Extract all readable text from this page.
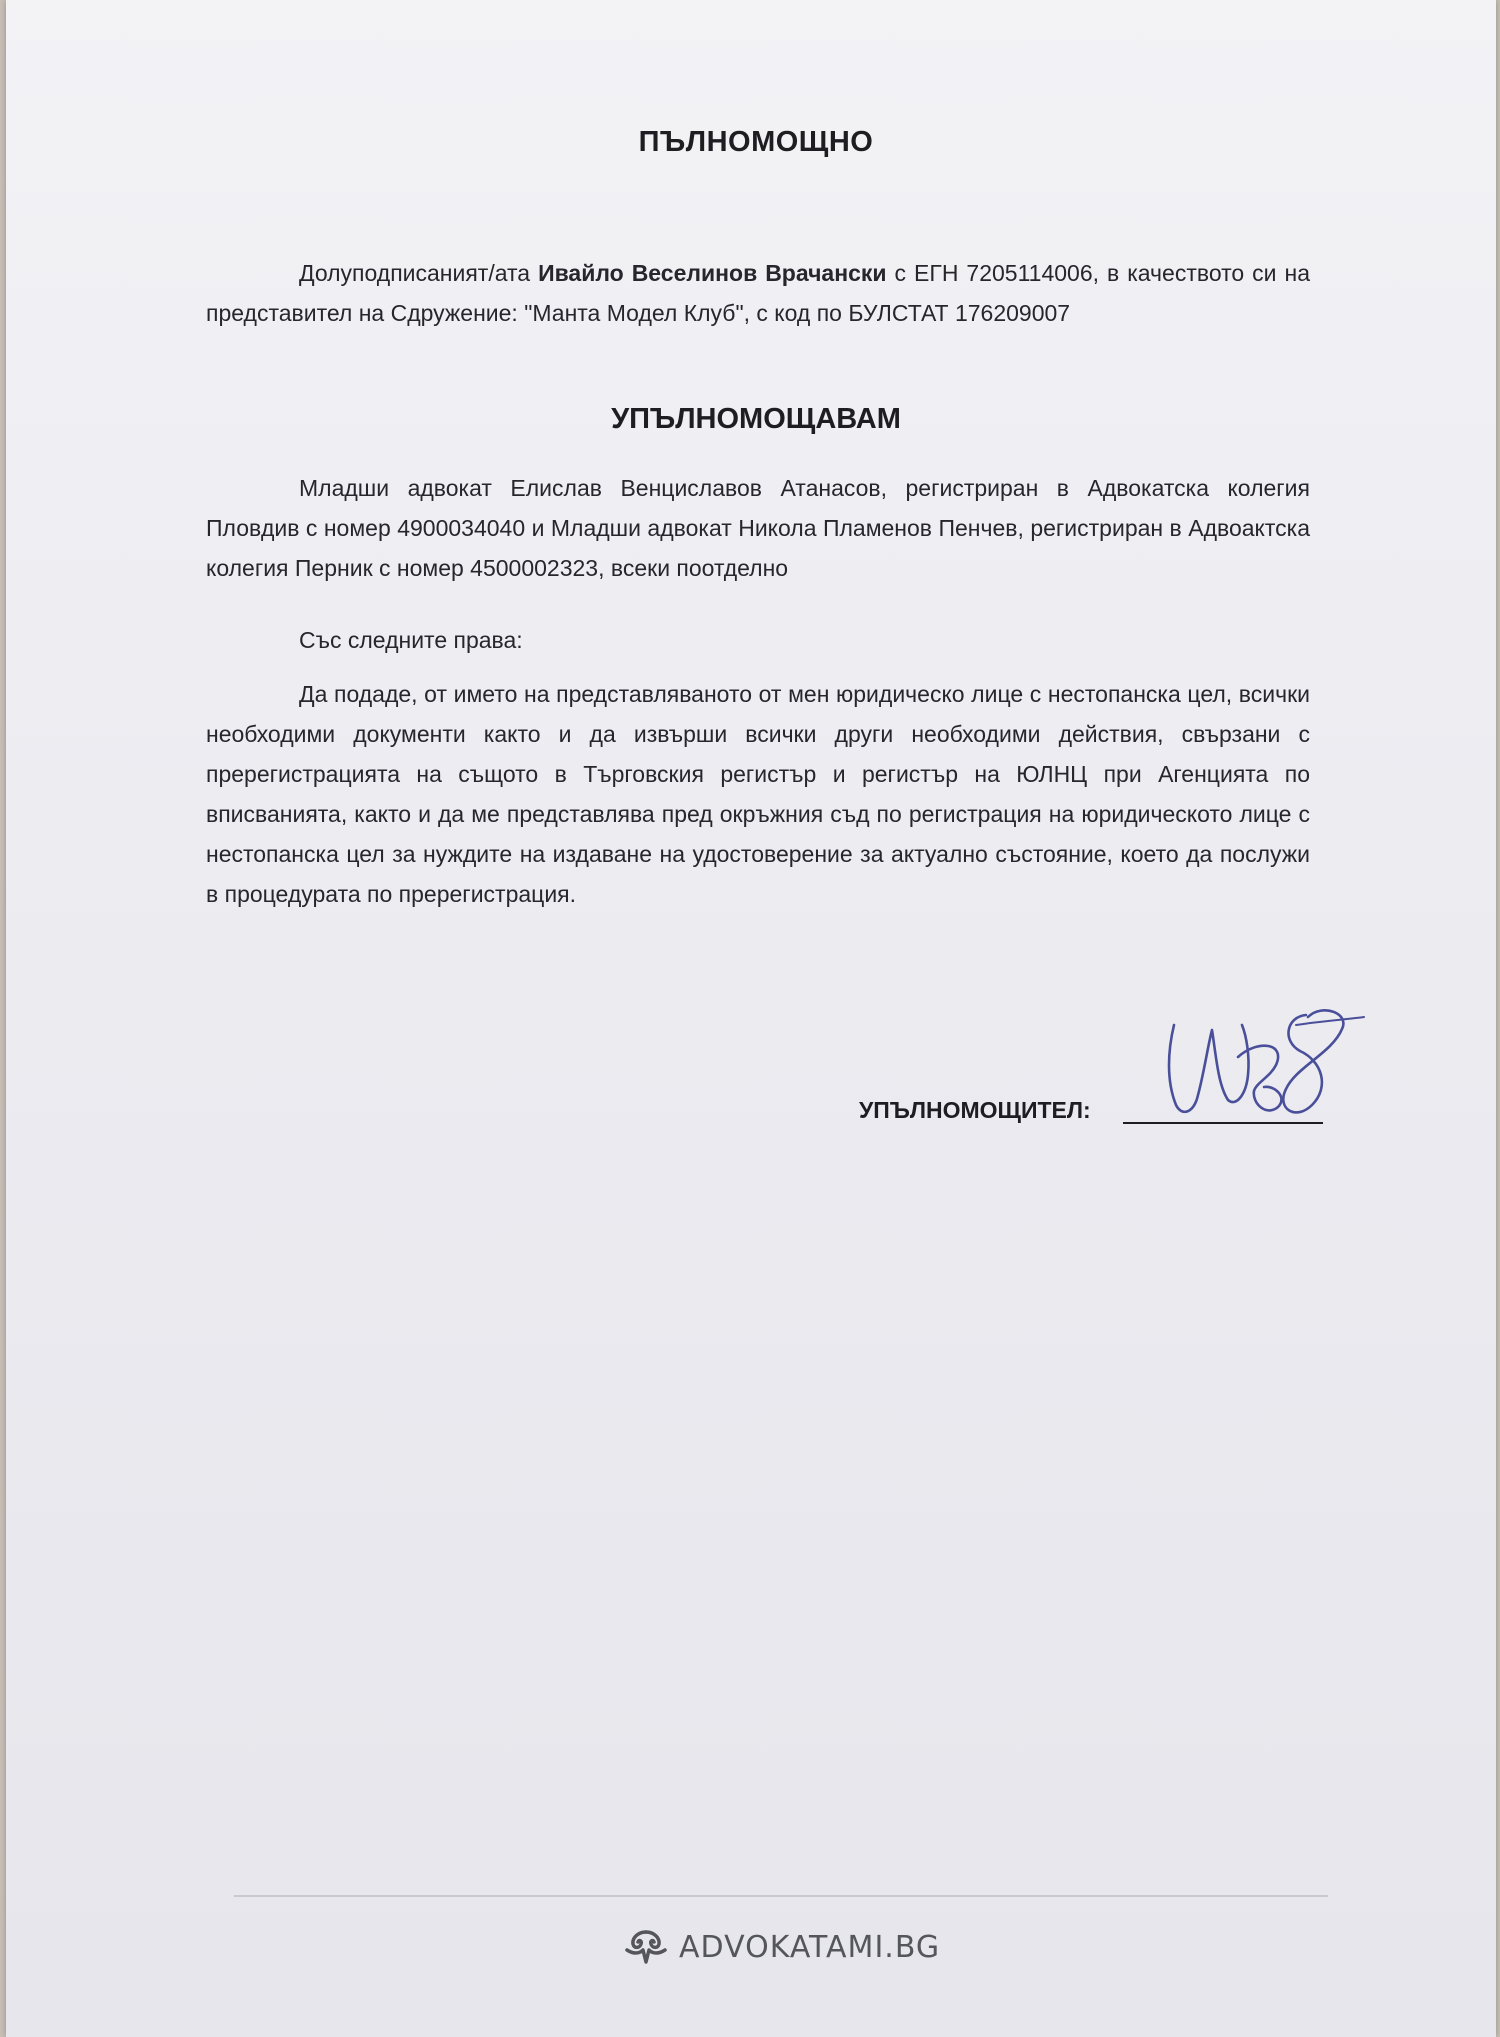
ПЪЛНОМОЩНО
Долуподписаният/ата Ивайло Веселинов Врачански с ЕГН 7205114006, в качеството си на представител на Сдружение: "Манта Модел Клуб", с код по БУЛСТАТ 176209007
УПЪЛНОМОЩАВАМ
Младши адвокат Елислав Венциславов Атанасов, регистриран в Адвокатска колегия Пловдив с номер 4900034040 и Младши адвокат Никола Пламенов Пенчев, регистриран в Адвоактска колегия Перник с номер 4500002323, всеки поотделно
Със следните права:
Да подаде, от името на представляваното от мен юридическо лице с нестопанска цел, всички необходими документи както и да извърши всички други необходими действия, свързани с пререгистрацията на същото в Търговския регистър и регистър на ЮЛНЦ при Агенцията по вписванията, както и да ме представлява пред окръжния съд по регистрация на юридическото лице с нестопанска цел за нуждите на издаване на удостоверение за актуално състояние, което да послужи в процедурата по пререгистрация.
УПЪЛНОМОЩИТЕЛ:
ADVOKATAMI.BG
